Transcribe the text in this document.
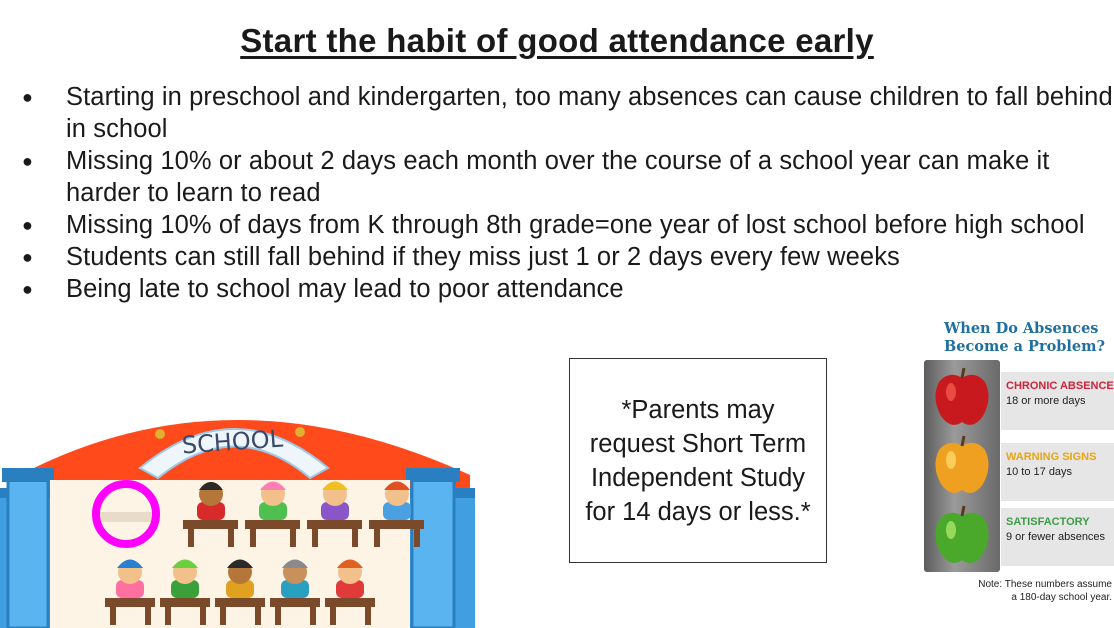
Start the habit of good attendance early
●	Starting in preschool and kindergarten, too many absences can cause children to fall behind in school
●	Missing 10% or about 2 days each month over the course of a school year can make it harder to learn to read
●	Missing 10% of days from K through 8th grade=one year of lost school before high school
●	Students can still fall behind if they miss just 1 or 2 days every few weeks
●	Being late to school may lead to poor attendance
SCHOOL
*Parents may request Short Term Independent Study for 14 days or less.*
When Do Absences
Become a Problem?
CHRONIC ABSENCE
18 or more days
WARNING SIGNS
10 to 17 days
SATISFACTORY
9 or fewer absences
Note: These numbers assume
a 180-day school year.
